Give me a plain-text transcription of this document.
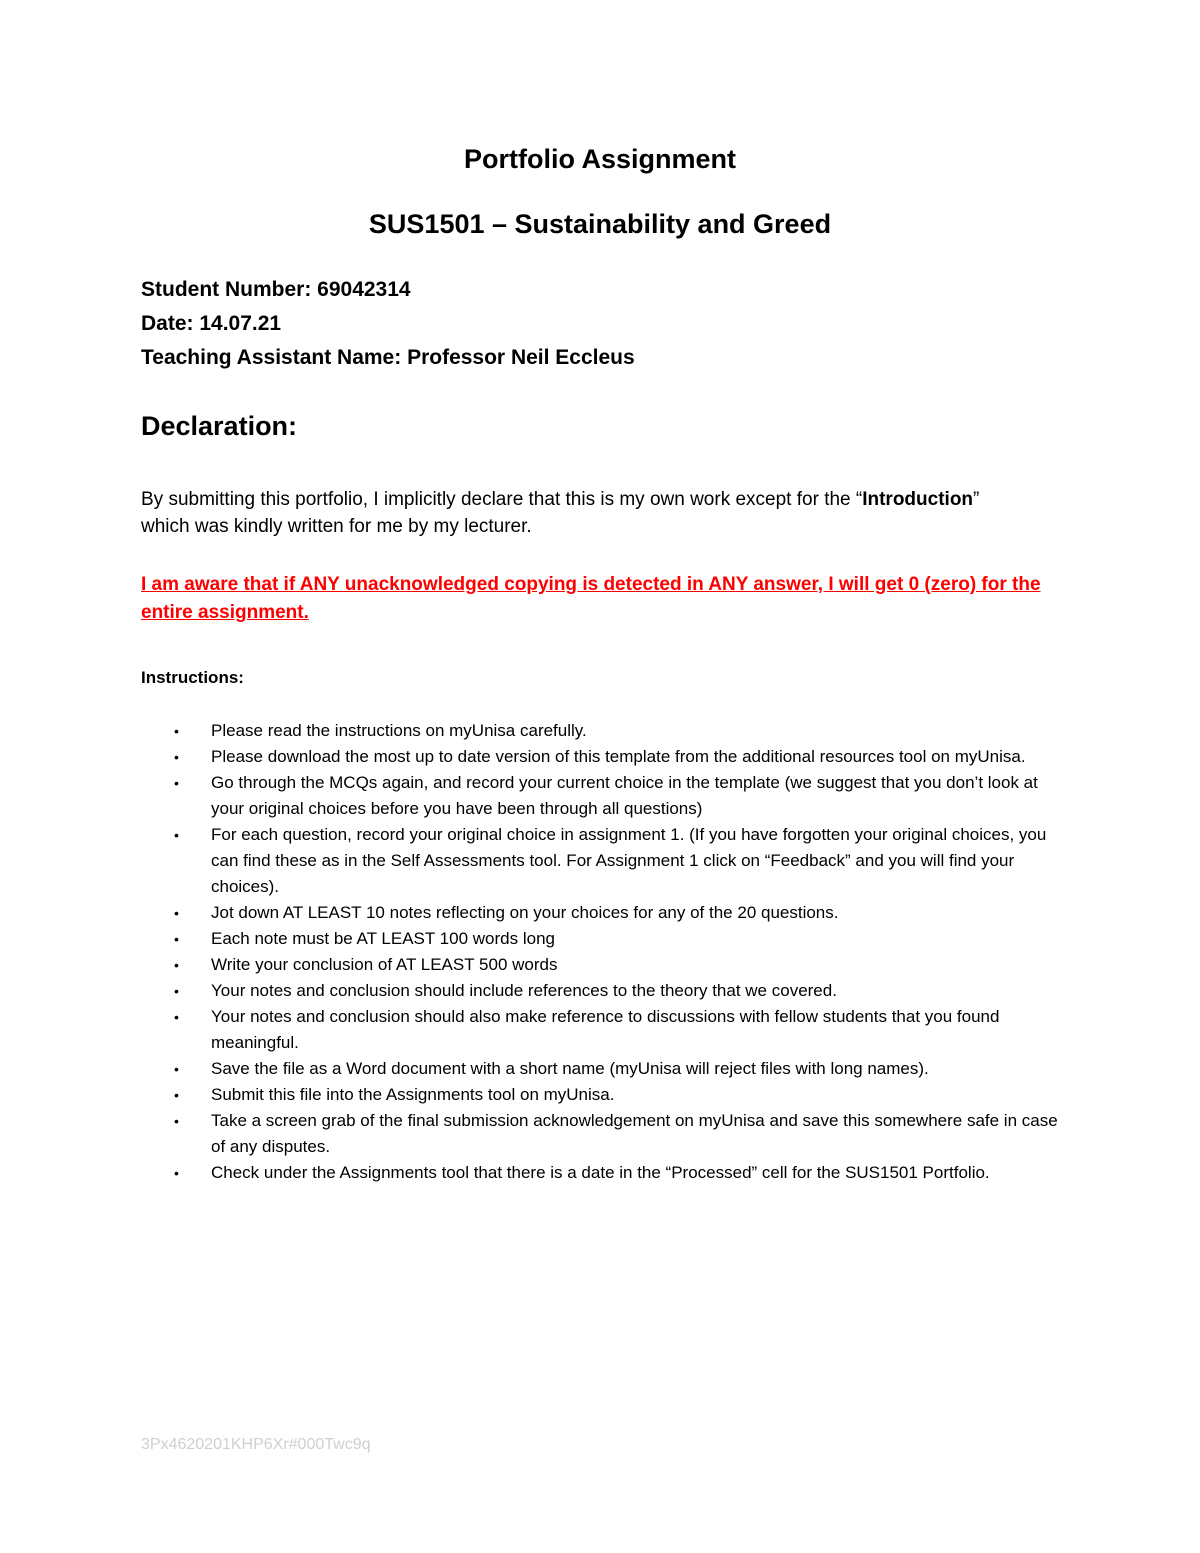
Portfolio Assignment
SUS1501 – Sustainability and Greed
Student Number: 69042314
Date: 14.07.21
Teaching Assistant Name: Professor Neil Eccleus
Declaration:

By submitting this portfolio, I implicitly declare that this is my own work except for the “Introduction” which was kindly written for me by my lecturer.

I am aware that if ANY unacknowledged copying is detected in ANY answer, I will get 0 (zero) for the entire assignment.

Instructions:

• Please read the instructions on myUnisa carefully.
• Please download the most up to date version of this template from the additional resources tool on myUnisa.
• Go through the MCQs again, and record your current choice in the template (we suggest that you don’t look at your original choices before you have been through all questions)
• For each question, record your original choice in assignment 1. (If you have forgotten your original choices, you can find these as in the Self Assessments tool. For Assignment 1 click on “Feedback” and you will find your choices).
• Jot down AT LEAST 10 notes reflecting on your choices for any of the 20 questions.
• Each note must be AT LEAST 100 words long
• Write your conclusion of AT LEAST 500 words
• Your notes and conclusion should include references to the theory that we covered.
• Your notes and conclusion should also make reference to discussions with fellow students that you found meaningful.
• Save the file as a Word document with a short name (myUnisa will reject files with long names).
• Submit this file into the Assignments tool on myUnisa.
• Take a screen grab of the final submission acknowledgement on myUnisa and save this somewhere safe in case of any disputes.
• Check under the Assignments tool that there is a date in the “Processed” cell for the SUS1501 Portfolio.

3Px4620201KHP6Xr#000Twc9q
